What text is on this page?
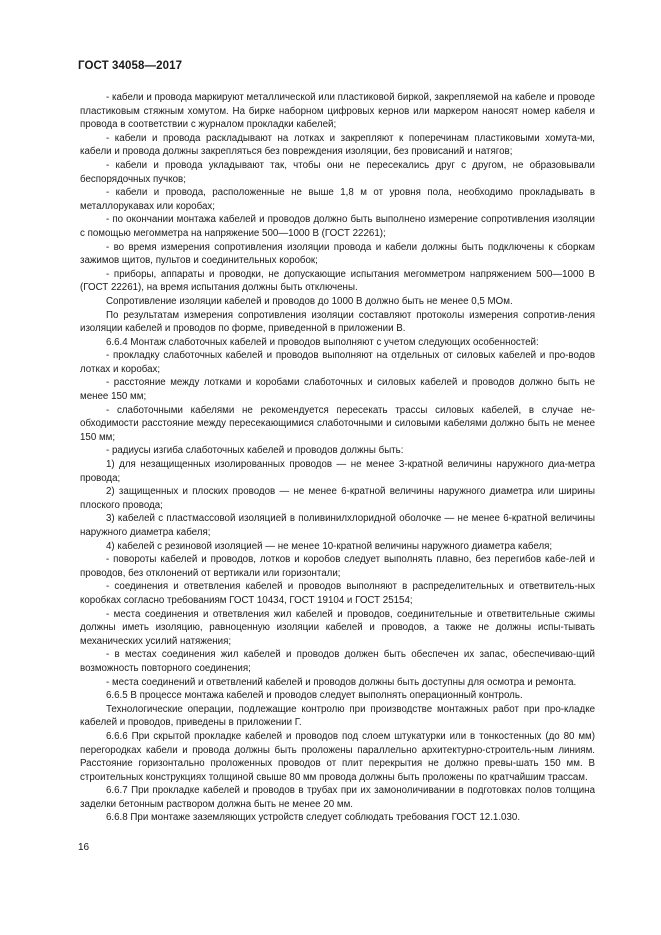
ГОСТ 34058—2017

- кабели и провода маркируют металлической или пластиковой биркой, закрепляемой на кабеле и проводе пластиковым стяжным хомутом. На бирке наборном цифровых кернов или маркером наносят номер кабеля и провода в соответствии с журналом прокладки кабелей;

- кабели и провода раскладывают на лотках и закрепляют к поперечинам пластиковыми хомута-ми, кабели и провода должны закрепляться без повреждения изоляции, без провисаний и натягов;

- кабели и провода укладывают так, чтобы они не пересекались друг с другом, не образовывали беспорядочных пучков;

- кабели и провода, расположенные не выше 1,8 м от уровня пола, необходимо прокладывать в металлорукавах или коробах;

- по окончании монтажа кабелей и проводов должно быть выполнено измерение сопротивления изоляции с помощью мегомметра на напряжение 500—1000 В (ГОСТ 22261);

- во время измерения сопротивления изоляции провода и кабели должны быть подключены к сборкам зажимов щитов, пультов и соединительных коробок;

- приборы, аппараты и проводки, не допускающие испытания мегомметром напряжением 500—1000 В (ГОСТ 22261), на время испытания должны быть отключены.

Сопротивление изоляции кабелей и проводов до 1000 В должно быть не менее 0,5 МОм.

По результатам измерения сопротивления изоляции составляют протоколы измерения сопротив-ления изоляции кабелей и проводов по форме, приведенной в приложении В.

6.6.4 Монтаж слаботочных кабелей и проводов выполняют с учетом следующих особенностей:

- прокладку слаботочных кабелей и проводов выполняют на отдельных от силовых кабелей и про-водов лотках и коробах;

- расстояние между лотками и коробами слаботочных и силовых кабелей и проводов должно быть не менее 150 мм;

- слаботочными кабелями не рекомендуется пересекать трассы силовых кабелей, в случае не-обходимости расстояние между пересекающимися слаботочными и силовыми кабелями должно быть не менее 150 мм;

- радиусы изгиба слаботочных кабелей и проводов должны быть:

1) для незащищенных изолированных проводов — не менее 3-кратной величины наружного диа-метра провода;

2) защищенных и плоских проводов — не менее 6-кратной величины наружного диаметра или ширины плоского провода;

3) кабелей с пластмассовой изоляцией в поливинилхлоридной оболочке — не менее 6-кратной величины наружного диаметра кабеля;

4) кабелей с резиновой изоляцией — не менее 10-кратной величины наружного диаметра кабеля;

- повороты кабелей и проводов, лотков и коробов следует выполнять плавно, без перегибов кабе-лей и проводов, без отклонений от вертикали или горизонтали;

- соединения и ответвления кабелей и проводов выполняют в распределительных и ответвитель-ных коробках согласно требованиям ГОСТ 10434, ГОСТ 19104 и ГОСТ 25154;

- места соединения и ответвления жил кабелей и проводов, соединительные и ответвительные сжимы должны иметь изоляцию, равноценную изоляции кабелей и проводов, а также не должны испы-тывать механических усилий натяжения;

- в местах соединения жил кабелей и проводов должен быть обеспечен их запас, обеспечиваю-щий возможность повторного соединения;

- места соединений и ответвлений кабелей и проводов должны быть доступны для осмотра и ремонта.

6.6.5 В процессе монтажа кабелей и проводов следует выполнять операционный контроль.

Технологические операции, подлежащие контролю при производстве монтажных работ при про-кладке кабелей и проводов, приведены в приложении Г.

6.6.6 При скрытой прокладке кабелей и проводов под слоем штукатурки или в тонкостенных (до 80 мм) перегородках кабели и провода должны быть проложены параллельно архитектурно-строитель-ным линиям. Расстояние горизонтально проложенных проводов от плит перекрытия не должно превы-шать 150 мм. В строительных конструкциях толщиной свыше 80 мм провода должны быть проложены по кратчайшим трассам.

6.6.7 При прокладке кабелей и проводов в трубах при их замоноличивании в подготовках полов толщина заделки бетонным раствором должна быть не менее 20 мм.

6.6.8 При монтаже заземляющих устройств следует соблюдать требования ГОСТ 12.1.030.

16
